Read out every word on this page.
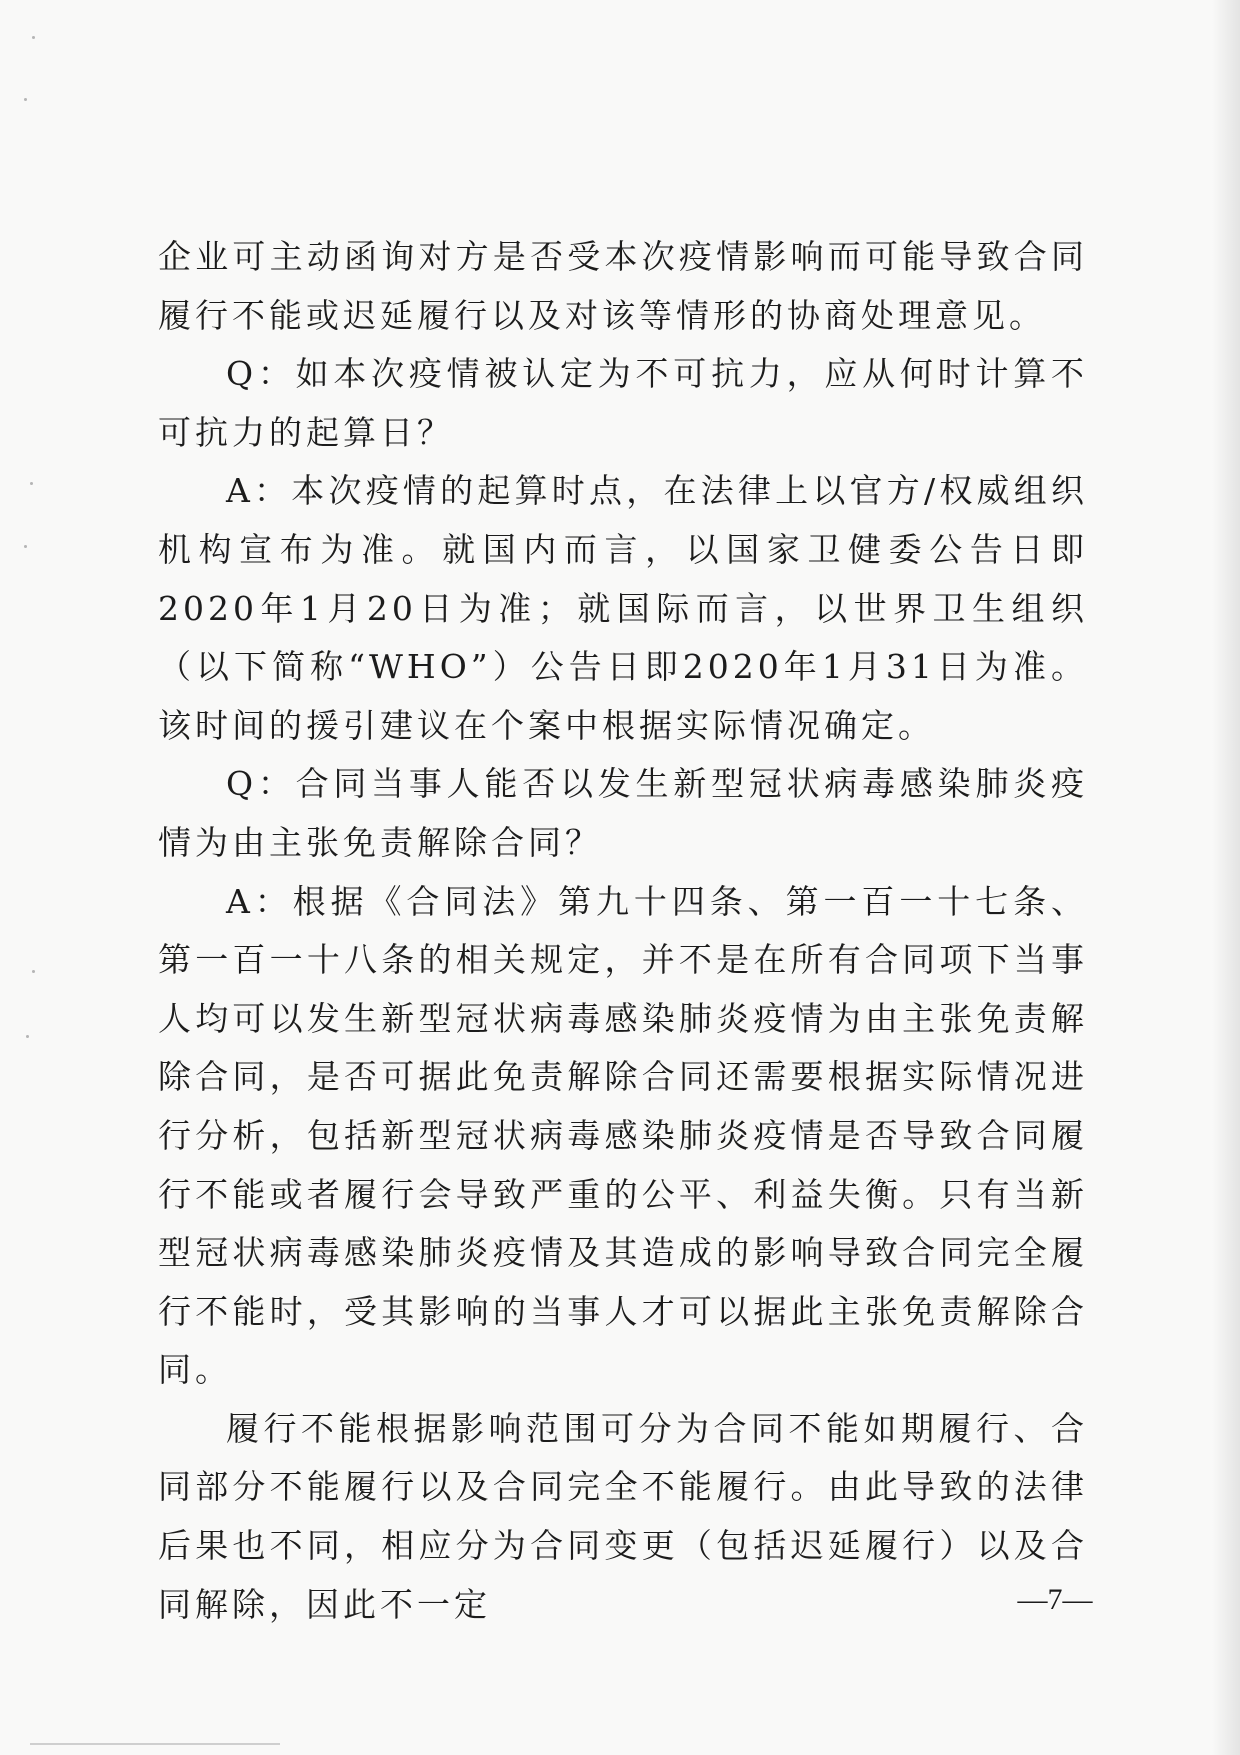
企业可主动函询对方是否受本次疫情影响而可能导致合同履行不能或迟延履行以及对该等情形的协商处理意见。

Q：如本次疫情被认定为不可抗力，应从何时计算不可抗力的起算日？

A：本次疫情的起算时点，在法律上以官方/权威组织机构宣布为准。就国内而言，以国家卫健委公告日即2020年1月20日为准；就国际而言，以世界卫生组织（以下简称“WHO”）公告日即2020年1月31日为准。该时间的援引建议在个案中根据实际情况确定。

Q：合同当事人能否以发生新型冠状病毒感染肺炎疫情为由主张免责解除合同？

A：根据《合同法》第九十四条、第一百一十七条、第一百一十八条的相关规定，并不是在所有合同项下当事人均可以发生新型冠状病毒感染肺炎疫情为由主张免责解除合同，是否可据此免责解除合同还需要根据实际情况进行分析，包括新型冠状病毒感染肺炎疫情是否导致合同履行不能或者履行会导致严重的公平、利益失衡。只有当新型冠状病毒感染肺炎疫情及其造成的影响导致合同完全履行不能时，受其影响的当事人才可以据此主张免责解除合同。

履行不能根据影响范围可分为合同不能如期履行、合同部分不能履行以及合同完全不能履行。由此导致的法律后果也不同，相应分为合同变更（包括迟延履行）以及合同解除，因此不一定	—7—
